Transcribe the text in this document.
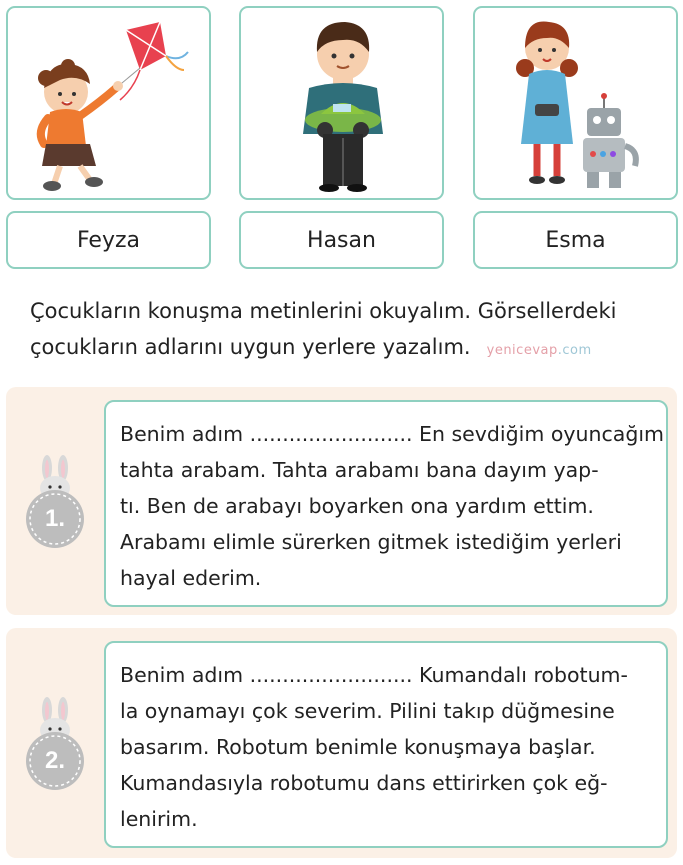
Feyza	Hasan	Esma
Çocukların konuşma metinlerini okuyalım. Görsellerdeki
çocukların adlarını uygun yerlere yazalım. yenicevap.com
1.
Benim adım ......................... En sevdiğim oyuncağım
tahta arabam. Tahta arabamı bana dayım yap-
tı. Ben de arabayı boyarken ona yardım ettim.
Arabamı elimle sürerken gitmek istediğim yerleri
hayal ederim.
2.
Benim adım ......................... Kumandalı robotum-
la oynamayı çok severim. Pilini takıp düğmesine
basarım. Robotum benimle konuşmaya başlar.
Kumandasıyla robotumu dans ettirirken çok eğ-
lenirim.
